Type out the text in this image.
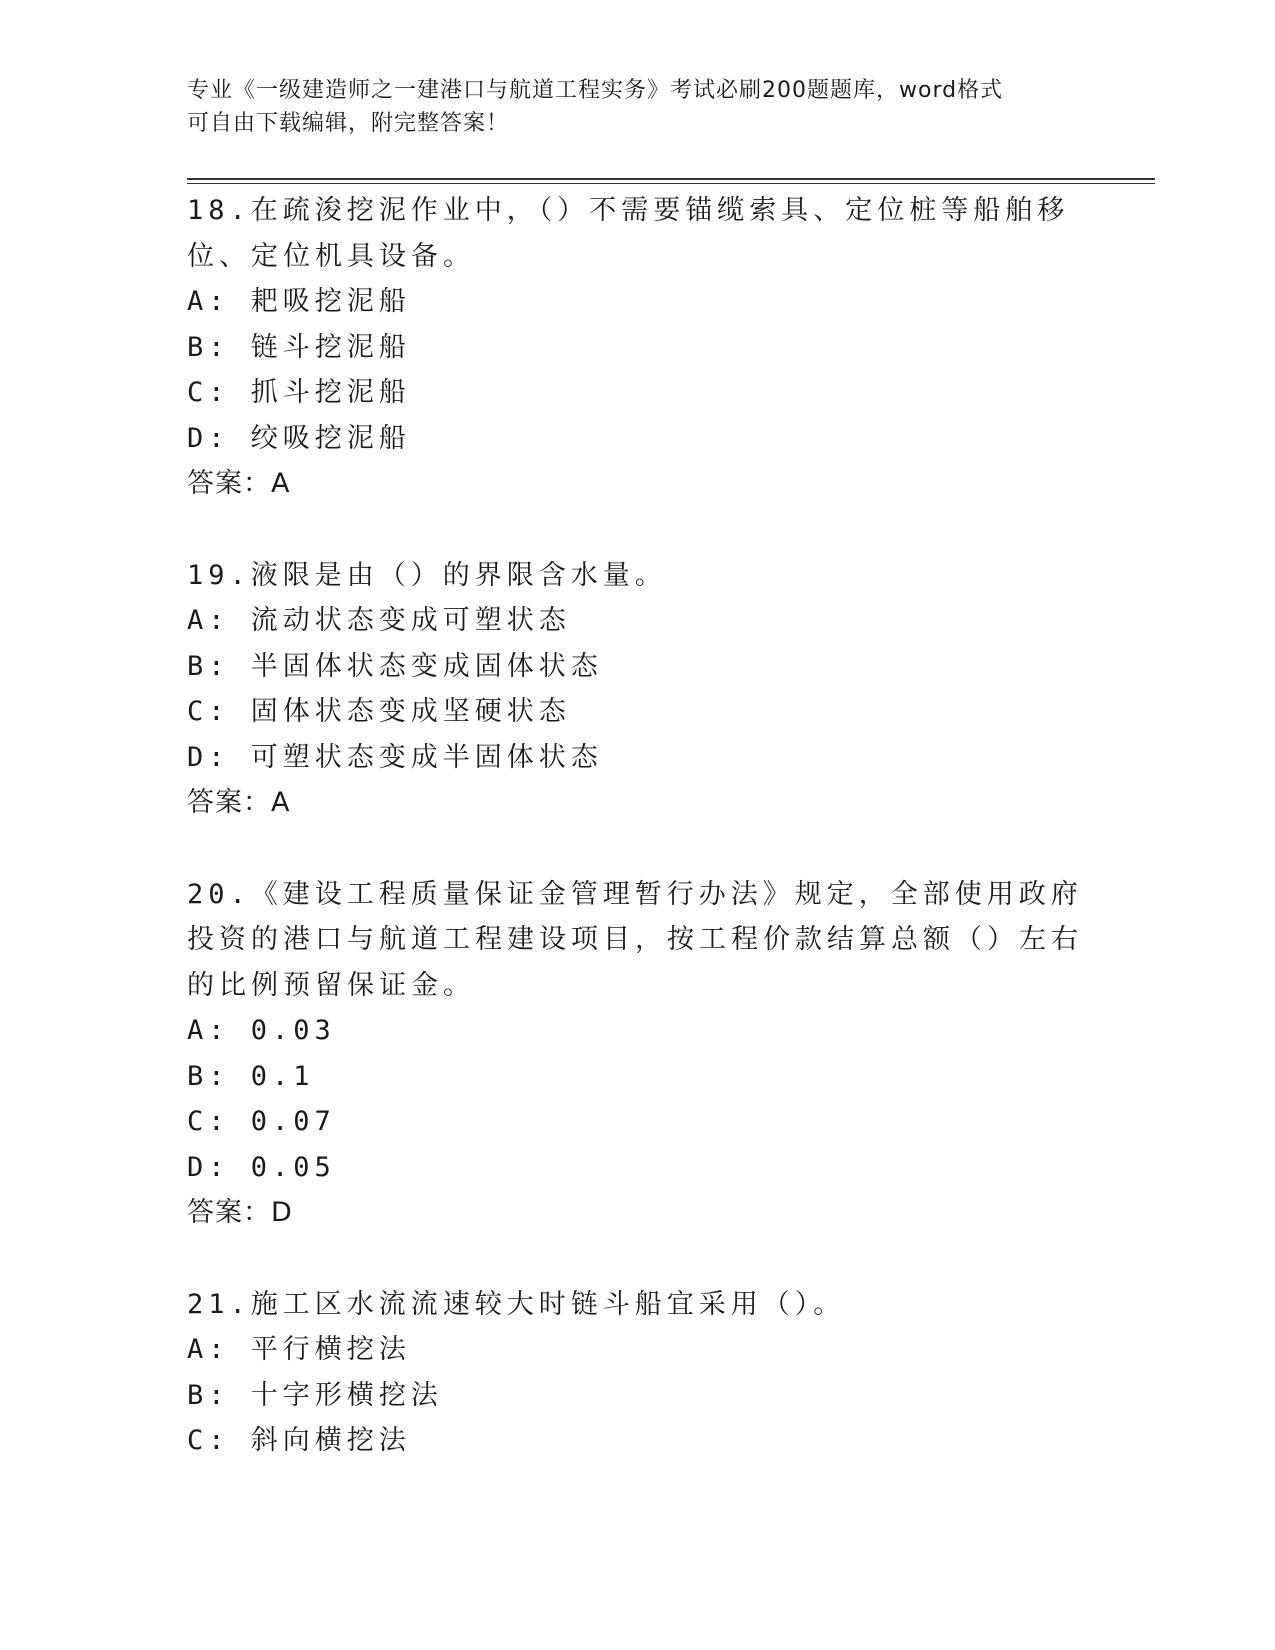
专业《一级建造师之一建港口与航道工程实务》考试必刷200题题库，word格式
可自由下载编辑，附完整答案！
18.在疏浚挖泥作业中，（）不需要锚缆索具、定位桩等船舶移位、定位机具设备。
A: 耙吸挖泥船
B: 链斗挖泥船
C: 抓斗挖泥船
D: 绞吸挖泥船
答案：A
19.液限是由（）的界限含水量。
A: 流动状态变成可塑状态
B: 半固体状态变成固体状态
C: 固体状态变成坚硬状态
D: 可塑状态变成半固体状态
答案：A
20.《建设工程质量保证金管理暂行办法》规定，全部使用政府投资的港口与航道工程建设项目，按工程价款结算总额（）左右的比例预留保证金。
A: 0.03
B: 0.1
C: 0.07
D: 0.05
答案：D
21.施工区水流流速较大时链斗船宜采用（）。
A: 平行横挖法
B: 十字形横挖法
C: 斜向横挖法
